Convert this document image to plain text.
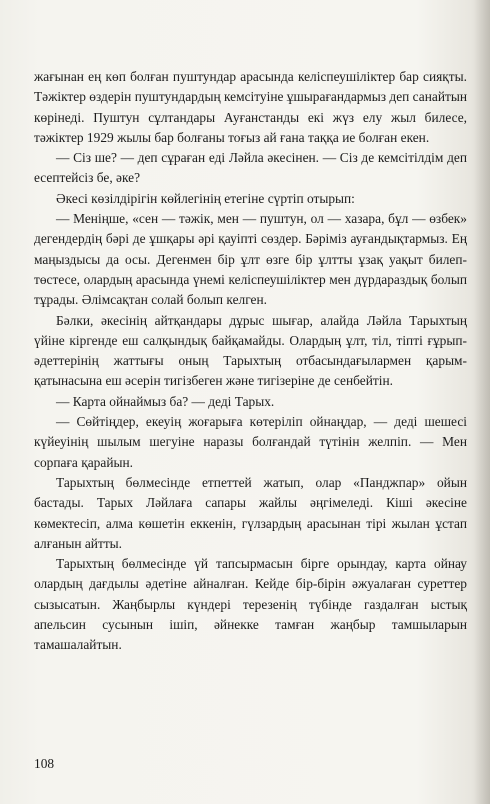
жағынан ең көп болған пуштундар арасында келіспеушіліктер бар сияқты. Тәжіктер өздерін пуштундардың кемсітуіне ұшырағандармыз деп санайтын көрінеді. Пуштун сұлтандары Ауғанстанды екі жүз елу жыл билесе, тәжіктер 1929 жылы бар болғаны тоғыз ай ғана таққа ие болған екен.

— Сіз ше? — деп сұраған еді Ләйла әкесінен. — Сіз де кемсітілдім деп есептейсіз бе, әке?

Әкесі көзілдірігін көйлегінің етегіне сүртіп отырып:

— Меніңше, «сен — тәжік, мен — пуштун, ол — хазара, бұл — өзбек» дегендердің бәрі де ұшқары әрі қауіпті сөздер. Бәріміз ауғандықтармыз. Ең маңыздысы да осы. Дегенмен бір ұлт өзге бір ұлтты ұзақ уақыт билеп-төстесе, олардың арасында үнемі келіспеушіліктер мен дүрдараздық болып тұрады. Әлімсақтан солай болып келген.

Бәлки, әкесінің айтқандары дұрыс шығар, алайда Ләйла Тарыхтың үйіне кіргенде еш салқындық байқамайды. Олардың ұлт, тіл, тіпті ғұрып-әдеттерінің жаттығы оның Тарыхтың отбасындағылармен қарым-қатынасына еш әсерін тигізбеген және тигізеріне де сенбейтін.

— Карта ойнаймыз ба? — деді Тарых.

— Сөйтіңдер, екеуің жоғарыға көтеріліп ойнаңдар, — деді шешесі күйеуінің шылым шегуіне наразы болғандай түтінін желпіп. — Мен сорпаға қарайын.

Тарыхтың бөлмесінде етпеттей жатып, олар «Панджпар» ойын бастады. Тарых Ләйлаға сапары жайлы әңгімеледі. Кіші әкесіне көмектесіп, алма көшетін еккенін, гүлзардың арасынан тірі жылан ұстап алғанын айтты.

Тарыхтың бөлмесінде үй тапсырмасын бірге орындау, карта ойнау олардың дағдылы әдетіне айналған. Кейде бір-бірін әжуалаған суреттер сызысатын. Жаңбырлы күндері терезенің түбінде газдалған ыстық апельсин сусынын ішіп, әйнекке тамған жаңбыр тамшыларын тамашалайтын.

108
